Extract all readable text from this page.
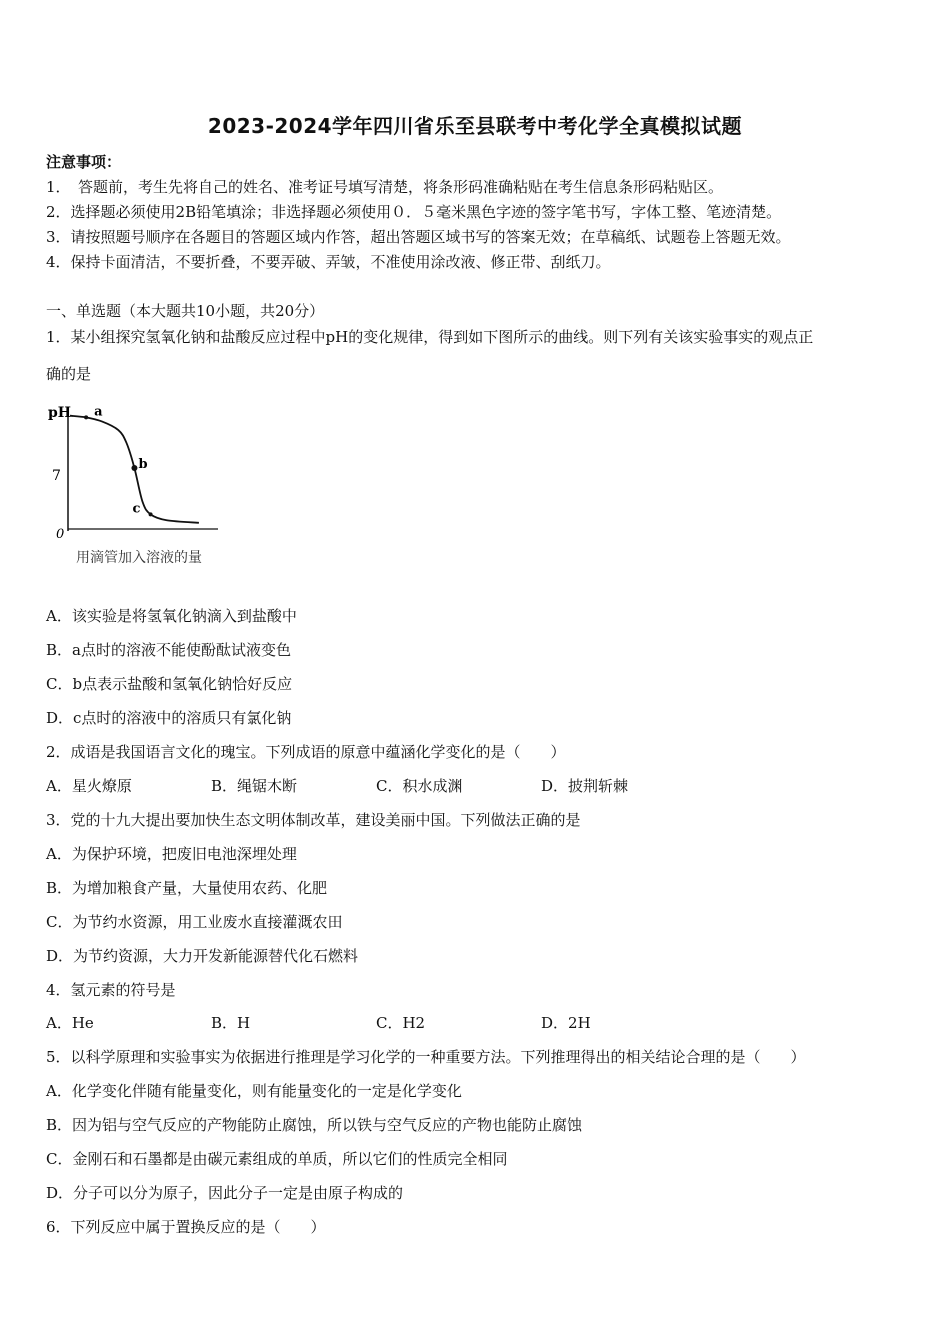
2023-2024学年四川省乐至县联考中考化学全真模拟试题
注意事项：
1．　答题前，考生先将自己的姓名、准考证号填写清楚，将条形码准确粘贴在考生信息条形码粘贴区。
2．选择题必须使用2B铅笔填涂；非选择题必须使用０．５毫米黑色字迹的签字笔书写，字体工整、笔迹清楚。
3．请按照题号顺序在各题目的答题区域内作答，超出答题区域书写的答案无效；在草稿纸、试题卷上答题无效。
4．保持卡面清洁，不要折叠，不要弄破、弄皱，不准使用涂改液、修正带、刮纸刀。
一、单选题（本大题共10小题，共20分）
1．某小组探究氢氧化钠和盐酸反应过程中pH的变化规律，得到如下图所示的曲线。则下列有关该实验事实的观点正
确的是
pH
0
7
a
b
c
用滴管加入溶液的量
A．该实验是将氢氧化钠滴入到盐酸中
B．a点时的溶液不能使酚酞试液变色
C．b点表示盐酸和氢氧化钠恰好反应
D．c点时的溶液中的溶质只有氯化钠
2．成语是我国语言文化的瑰宝。下列成语的原意中蕴涵化学变化的是（　　）
A．星火燎原	B．绳锯木断	C．积水成渊	D．披荆斩棘
3．党的十九大提出要加快生态文明体制改革，建设美丽中国。下列做法正确的是
A．为保护环境，把废旧电池深埋处理
B．为增加粮食产量，大量使用农药、化肥
C．为节约水资源，用工业废水直接灌溉农田
D．为节约资源，大力开发新能源替代化石燃料
4．氢元素的符号是
A．He	B．H	C．H2	D．2H
5．以科学原理和实验事实为依据进行推理是学习化学的一种重要方法。下列推理得出的相关结论合理的是（　　）
A．化学变化伴随有能量变化，则有能量变化的一定是化学变化
B．因为铝与空气反应的产物能防止腐蚀，所以铁与空气反应的产物也能防止腐蚀
C．金刚石和石墨都是由碳元素组成的单质，所以它们的性质完全相同
D．分子可以分为原子，因此分子一定是由原子构成的
6．下列反应中属于置换反应的是（　　）
